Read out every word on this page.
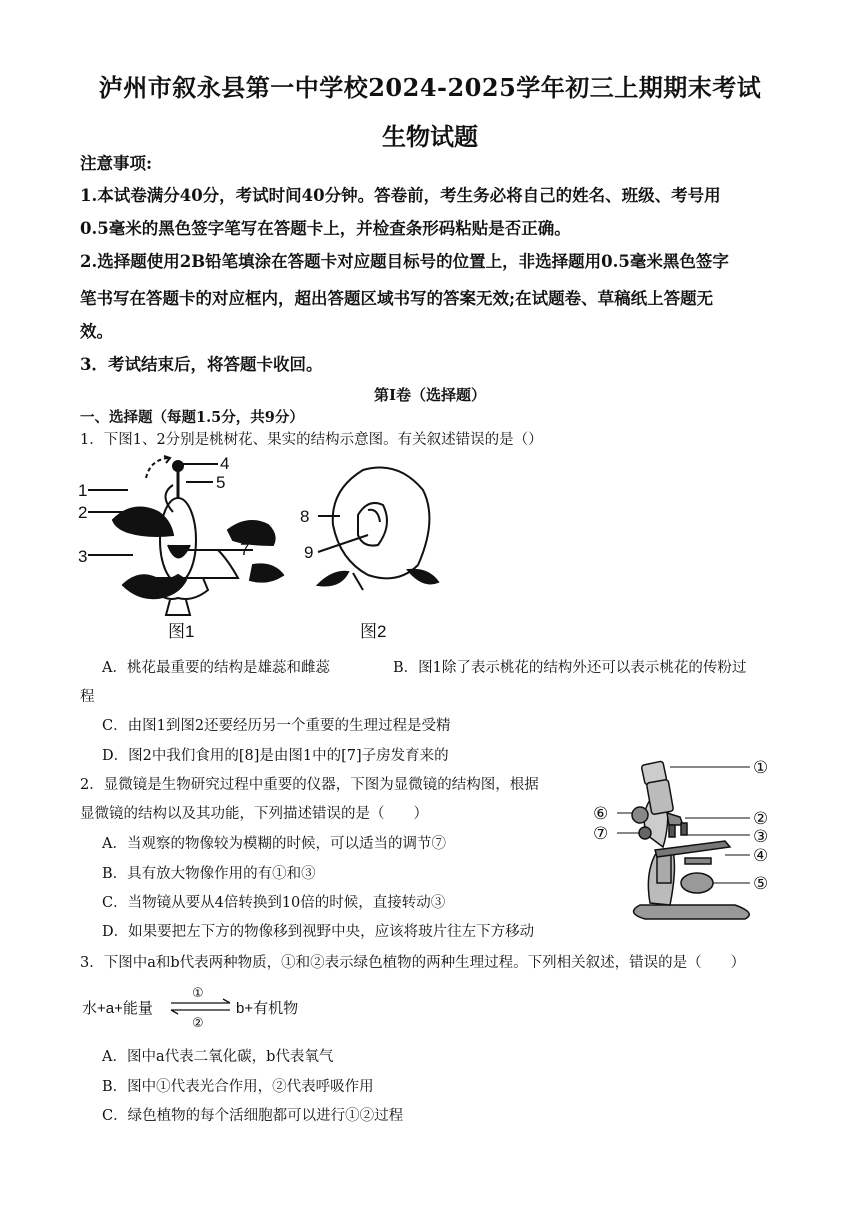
泸州市叙永县第一中学校2024-2025学年初三上期期末考试
生物试题
注意事项:
1.本试卷满分40分，考试时间40分钟。答卷前，考生务必将自己的姓名、班级、考号用
0.5毫米的黑色签字笔写在答题卡上，并检查条形码粘贴是否正确。
2.选择题使用2B铅笔填涂在答题卡对应题目标号的位置上，非选择题用0.5毫米黑色签字
笔书写在答题卡的对应框内，超出答题区域书写的答案无效;在试题卷、草稿纸上答题无
效。
3．考试结束后，将答题卡收回。
第Ⅰ卷（选择题）
一、选择题（每题1.5分，共9分）
1．下图1、2分别是桃树花、果实的结构示意图。有关叙述错误的是（）
1
2
3
4
5
6
7
8
9
图1	图2
A．桃花最重要的结构是雄蕊和雌蕊	B．图1除了表示桃花的结构外还可以表示桃花的传粉过
程
C．由图1到图2还要经历另一个重要的生理过程是受精
D．图2中我们食用的[8]是由图1中的[7]子房发育来的
2．显微镜是生物研究过程中重要的仪器，下图为显微镜的结构图，根据
显微镜的结构以及其功能，下列描述错误的是（　　）
A．当观察的物像较为模糊的时候，可以适当的调节⑦
B．具有放大物像作用的有①和③
C．当物镜从要从4倍转换到10倍的时候，直接转动③
D．如果要把左下方的物像移到视野中央，应该将玻片往左下方移动
①
②
③
④
⑤
⑥
⑦
3．下图中a和b代表两种物质，①和②表示绿色植物的两种生理过程。下列相关叙述，错误的是（　　）
水+a+能量
①
②
b+有机物
A．图中a代表二氧化碳，b代表氧气
B．图中①代表光合作用，②代表呼吸作用
C．绿色植物的每个活细胞都可以进行①②过程
